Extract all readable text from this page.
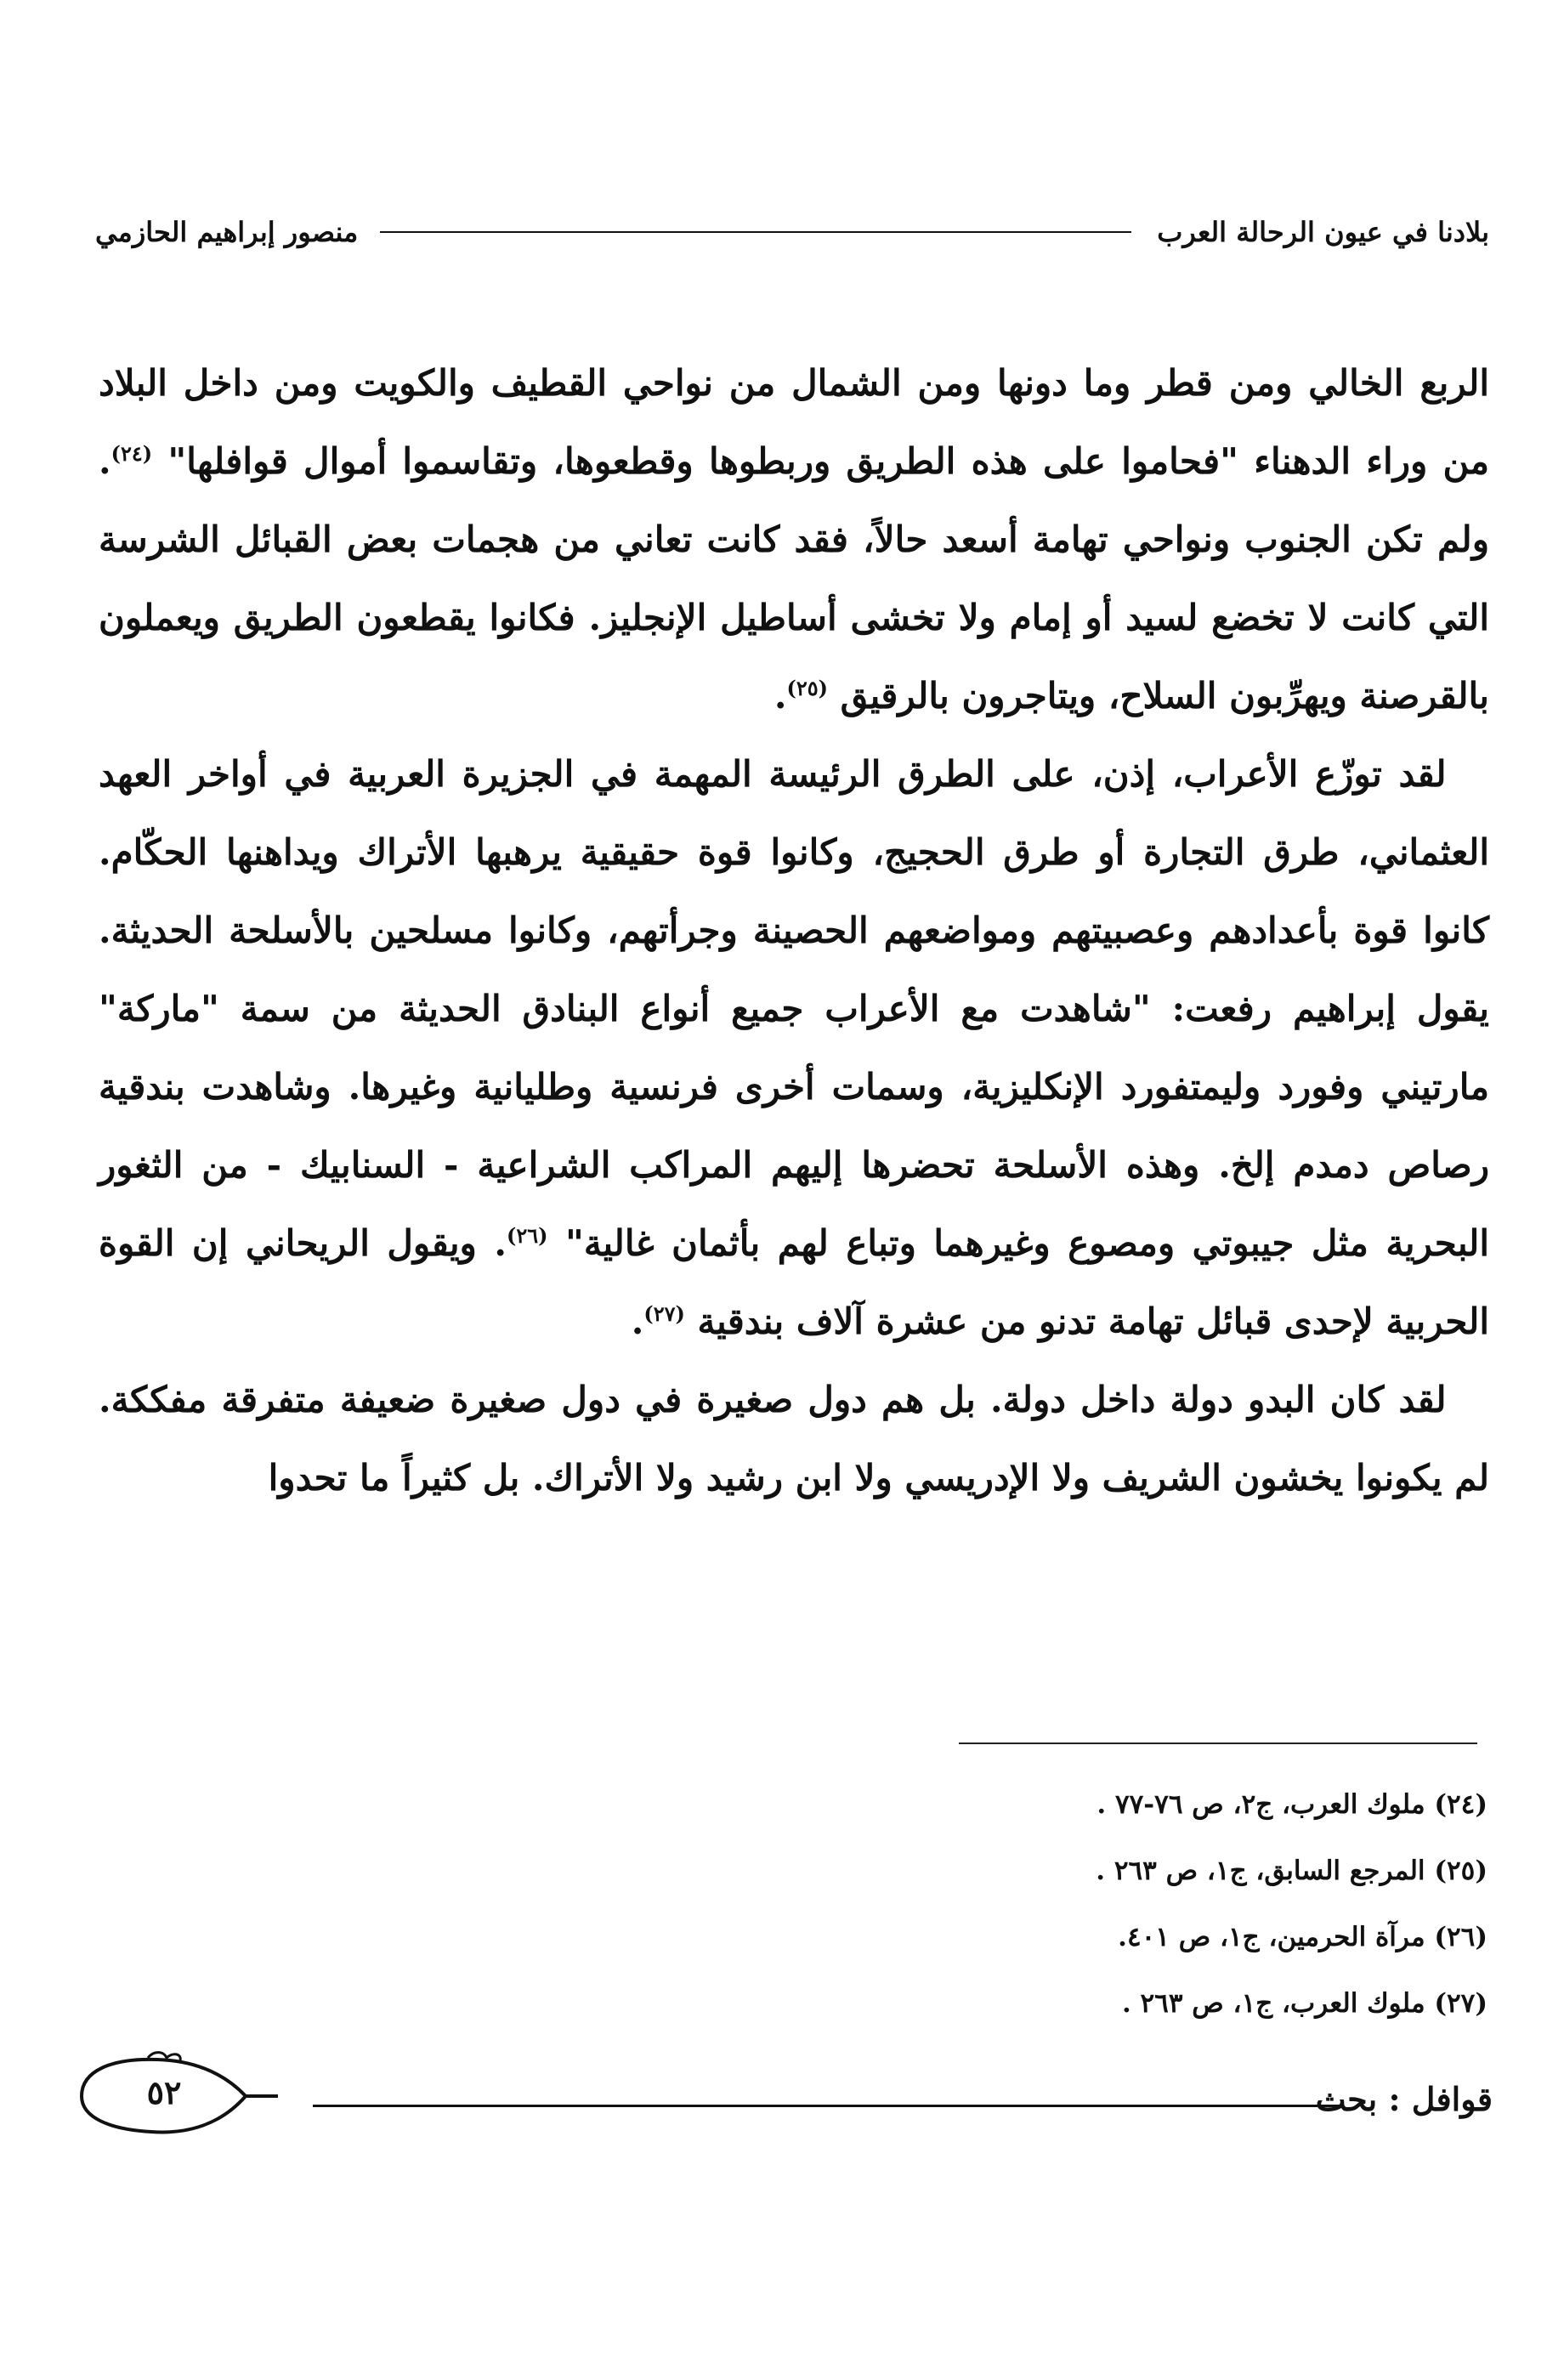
بلادنا في عيون الرحالة العرب
منصور إبراهيم الحازمي

الربع الخالي ومن قطر وما دونها ومن الشمال من نواحي القطيف والكويت ومن داخل البلاد من وراء الدهناء "فحاموا على هذه الطريق وربطوها وقطعوها، وتقاسموا أموال قوافلها" $^{(٢٤)}$. ولم تكن الجنوب ونواحي تهامة أسعد حالاً، فقد كانت تعاني من هجمات بعض القبائل الشرسة التي كانت لا تخضع لسيد أو إمام ولا تخشى أساطيل الإنجليز. فكانوا يقطعون الطريق ويعملون بالقرصنة ويهرِّبون السلاح، ويتاجرون بالرقيق $^{(٢٥)}$.

لقد توزّع الأعراب، إذن، على الطرق الرئيسة المهمة في الجزيرة العربية في أواخر العهد العثماني، طرق التجارة أو طرق الحجيج، وكانوا قوة حقيقية يرهبها الأتراك ويداهنها الحكّام. كانوا قوة بأعدادهم وعصبيتهم ومواضعهم الحصينة وجرأتهم، وكانوا مسلحين بالأسلحة الحديثة. يقول إبراهيم رفعت: "شاهدت مع الأعراب جميع أنواع البنادق الحديثة من سمة "ماركة" مارتيني وفورد وليمتفورد الإنكليزية، وسمات أخرى فرنسية وطليانية وغيرها. وشاهدت بندقية رصاص دمدم إلخ. وهذه الأسلحة تحضرها إليهم المراكب الشراعية - السنابيك - من الثغور البحرية مثل جيبوتي ومصوع وغيرهما وتباع لهم بأثمان غالية" $^{(٢٦)}$. ويقول الريحاني إن القوة الحربية لإحدى قبائل تهامة تدنو من عشرة آلاف بندقية $^{(٢٧)}$.

لقد كان البدو دولة داخل دولة. بل هم دول صغيرة في دول صغيرة ضعيفة متفرقة مفككة. لم يكونوا يخشون الشريف ولا الإدريسي ولا ابن رشيد ولا الأتراك. بل كثيراً ما تحدوا

(٢٤) ملوك العرب، ج٢، ص ٧٦-٧٧ .

(٢٥) المرجع السابق، ج١، ص ٢٦٣ .

(٢٦) مرآة الحرمين، ج١، ص ٤٠١.

(٢٧) ملوك العرب، ج١، ص ٢٦٣ .

٥٢	قوافل : بحث
